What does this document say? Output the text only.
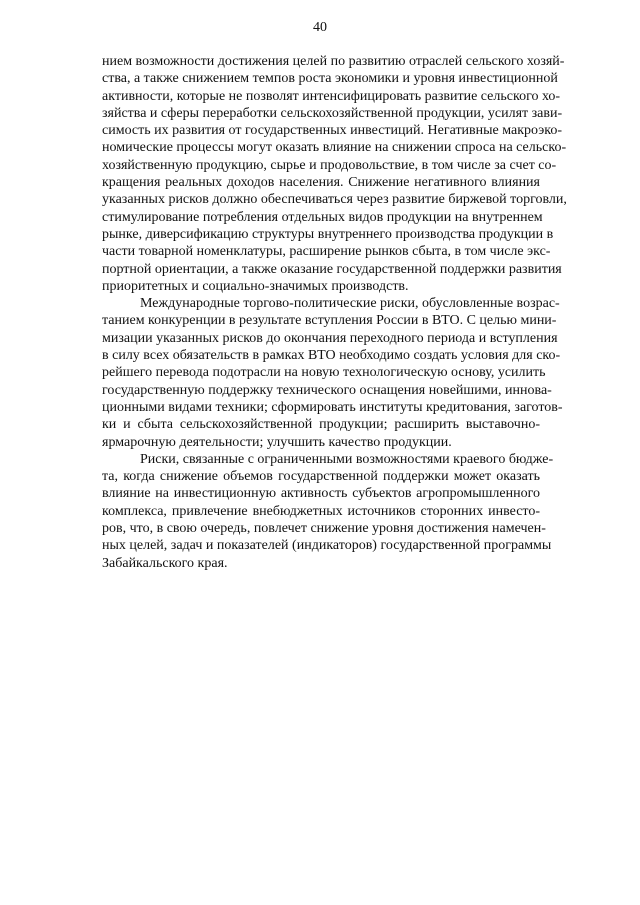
40
нием возможности достижения целей по развитию отраслей сельского хозяй-
ства, а также снижением темпов роста экономики и уровня инвестиционной
активности, которые не позволят интенсифицировать развитие сельского хо-
зяйства и сферы переработки сельскохозяйственной продукции, усилят зави-
симость их развития от государственных инвестиций. Негативные макроэко-
номические процессы могут оказать влияние на снижении спроса на сельско-
хозяйственную продукцию, сырье и продовольствие, в том числе за счет со-
кращения реальных доходов населения. Снижение негативного влияния
указанных рисков должно обеспечиваться через развитие биржевой торговли,
стимулирование потребления отдельных видов продукции на внутреннем
рынке, диверсификацию структуры внутреннего производства продукции в
части товарной номенклатуры, расширение рынков сбыта, в том числе экс-
портной ориентации, а также оказание государственной поддержки развития
приоритетных и социально-значимых производств.
Международные торгово-политические риски, обусловленные возрас-
танием конкуренции в результате вступления России в ВТО. С целью мини-
мизации указанных рисков до окончания переходного периода и вступления
в силу всех обязательств в рамках ВТО необходимо создать условия для ско-
рейшего перевода подотрасли на новую технологическую основу, усилить
государственную поддержку технического оснащения новейшими, иннова-
ционными видами техники; сформировать институты кредитования, заготов-
ки и сбыта сельскохозяйственной продукции; расширить выставочно-
ярмарочную деятельности; улучшить качество продукции.
Риски, связанные с ограниченными возможностями краевого бюдже-
та, когда снижение объемов государственной поддержки может оказать
влияние на инвестиционную активность субъектов агропромышленного
комплекса, привлечение внебюджетных источников сторонних инвесто-
ров, что, в свою очередь, повлечет снижение уровня достижения намечен-
ных целей, задач и показателей (индикаторов) государственной программы
Забайкальского края.
